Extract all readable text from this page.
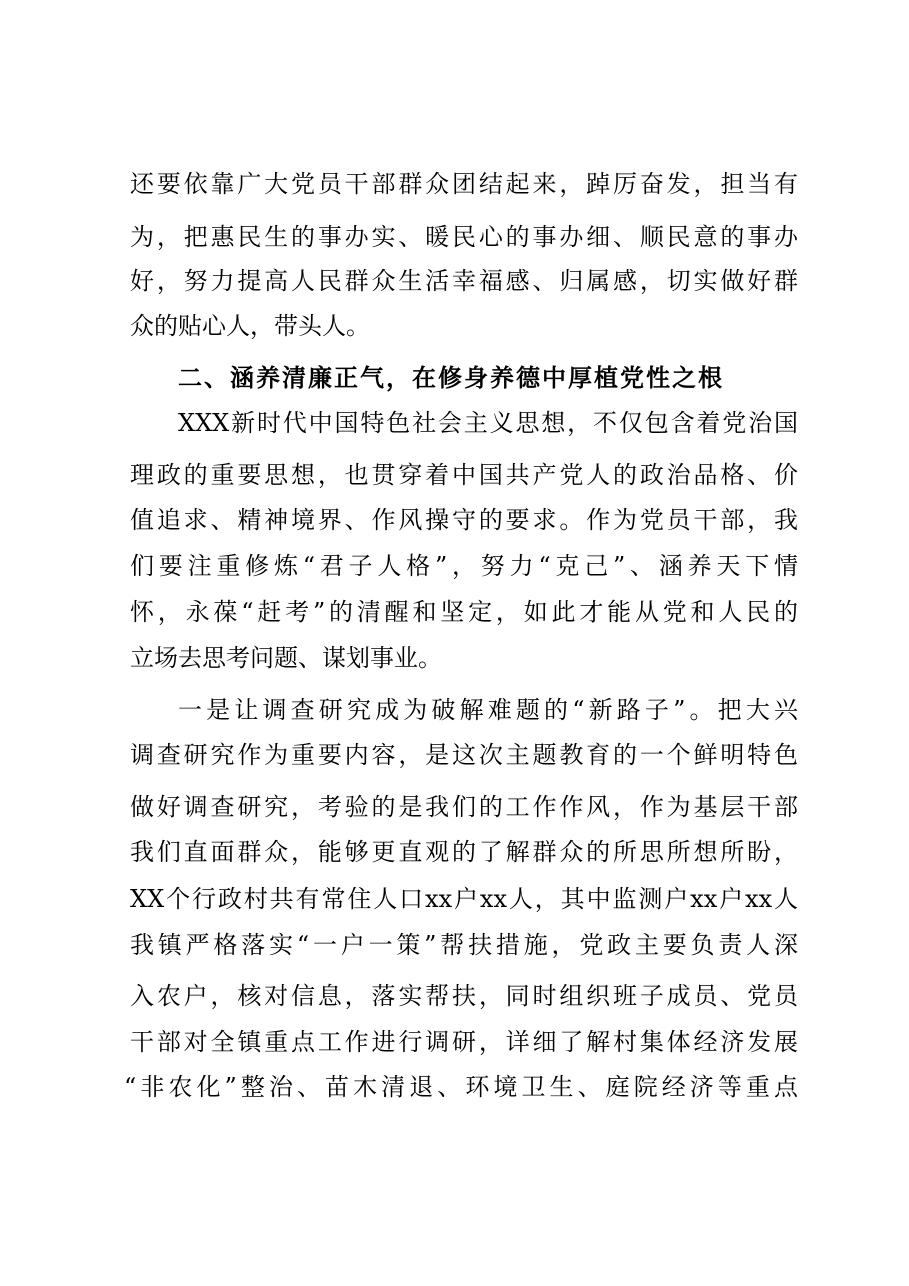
还要依靠广大党员干部群众团结起来，踔厉奋发，担当有
为，把惠民生的事办实、暖民心的事办细、顺民意的事办
好，努力提高人民群众生活幸福感、归属感，切实做好群
众的贴心人，带头人。
二、涵养清廉正气，在修身养德中厚植党性之根
XXX新时代中国特色社会主义思想，不仅包含着党治国
理政的重要思想，也贯穿着中国共产党人的政治品格、价
值追求、精神境界、作风操守的要求。作为党员干部，我
们要注重修炼“君子人格”，努力“克己”、涵养天下情
怀，永葆“赶考”的清醒和坚定，如此才能从党和人民的
立场去思考问题、谋划事业。
一是让调查研究成为破解难题的“新路子”。把大兴
调查研究作为重要内容，是这次主题教育的一个鲜明特色
做好调查研究，考验的是我们的工作作风，作为基层干部
我们直面群众，能够更直观的了解群众的所思所想所盼，
XX个行政村共有常住人口xx户xx人，其中监测户xx户xx人
我镇严格落实“一户一策”帮扶措施，党政主要负责人深
入农户，核对信息，落实帮扶，同时组织班子成员、党员
干部对全镇重点工作进行调研，详细了解村集体经济发展
“非农化”整治、苗木清退、环境卫生、庭院经济等重点
